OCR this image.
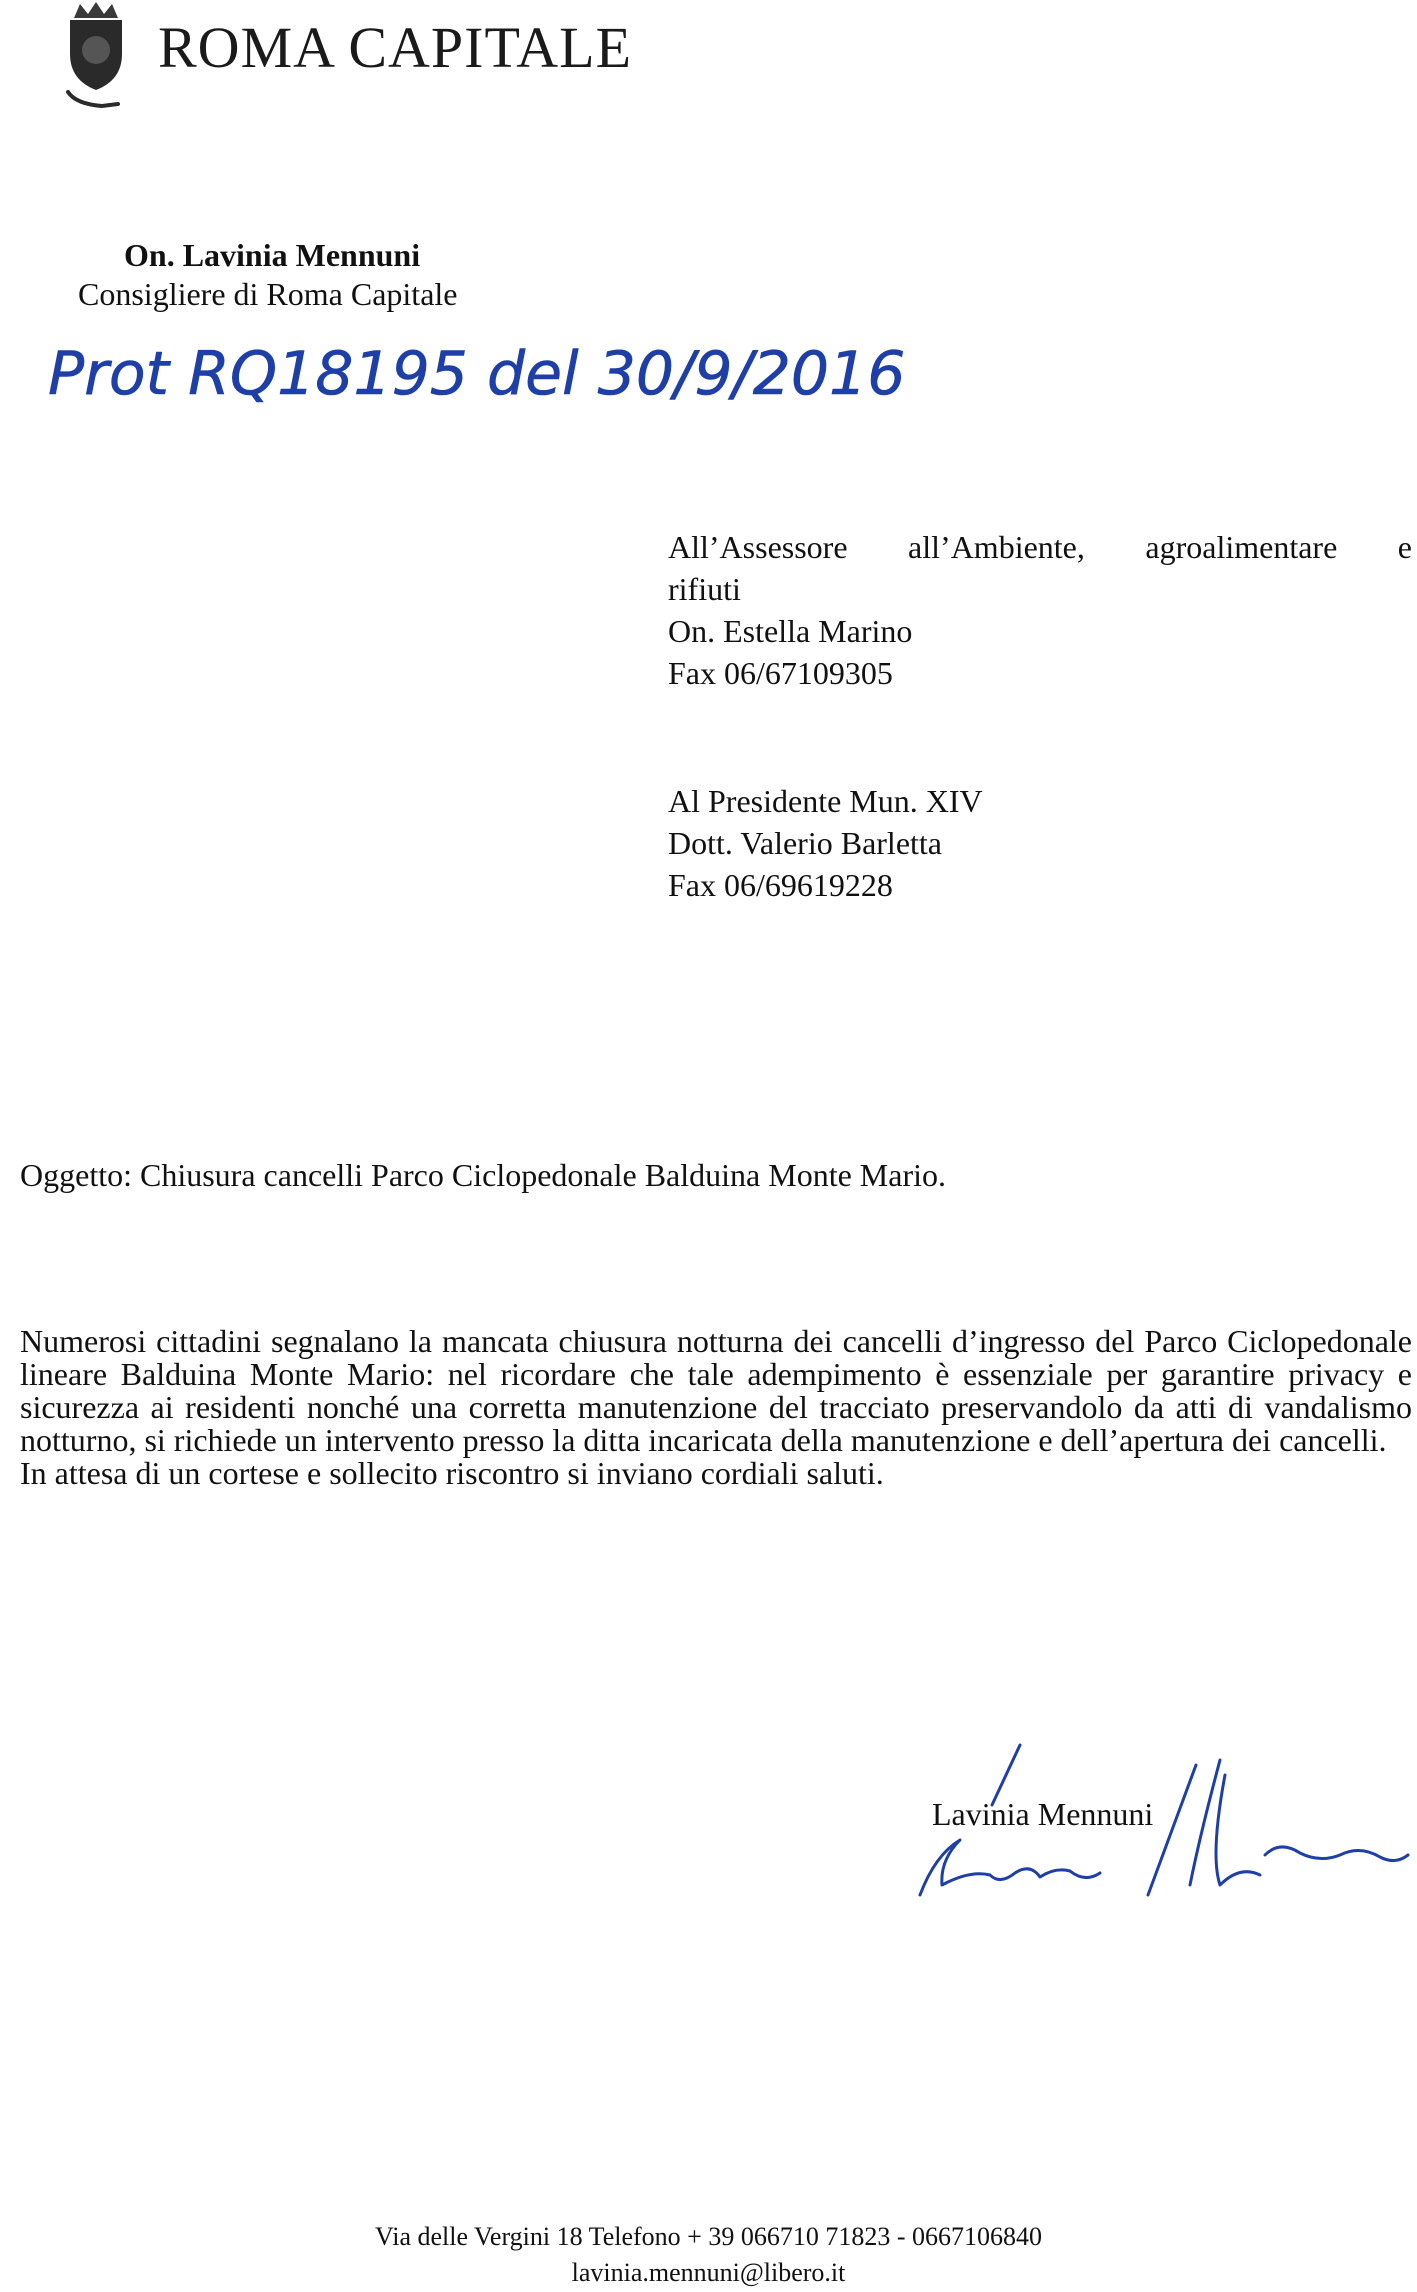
ROMA CAPITALE
On. Lavinia Mennuni
Consigliere di Roma Capitale
Prot RQ18195 del 30/9/2016
All’Assessore all’Ambiente, agroalimentare e
rifiuti
On. Estella Marino
Fax 06/67109305
Al Presidente Mun. XIV
Dott. Valerio Barletta
Fax 06/69619228
Oggetto: Chiusura cancelli Parco Ciclopedonale Balduina Monte Mario.

Numerosi cittadini segnalano la mancata chiusura notturna dei cancelli d’ingresso del Parco Ciclopedonale lineare Balduina Monte Mario: nel ricordare che tale adempimento è essenziale per garantire privacy e sicurezza ai residenti nonché una corretta manutenzione del tracciato preservandolo da atti di vandalismo notturno, si richiede un intervento presso la ditta incaricata della manutenzione e dell’apertura dei cancelli.

In attesa di un cortese e sollecito riscontro si inviano cordiali saluti.

Lavinia Mennuni
Via delle Vergini 18 Telefono + 39 066710 71823 - 0667106840
lavinia.mennuni@libero.it
